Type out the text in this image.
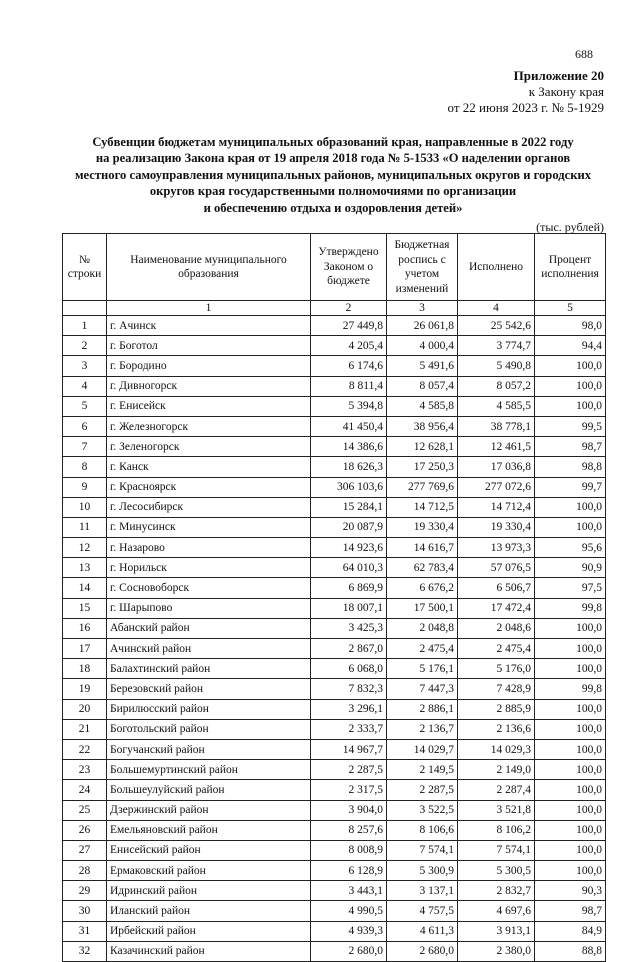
688
Приложение 20
к Закону края
от 22 июня 2023 г. № 5-1929
Субвенции бюджетам муниципальных образований края, направленные в 2022 году
на реализацию Закона края от 19 апреля 2018 года № 5-1533 «О наделении органов
местного самоуправления муниципальных районов, муниципальных округов и городских
округов края государственными полномочиями по организации
и обеспечению отдыха и оздоровления детей»
(тыс. рублей)
№ строки	Наименование муниципального образования	Утверждено Законом о бюджете	Бюджетная роспись с учетом изменений	Исполнено	Процент исполнения
	1	2	3	4	5
1	г. Ачинск	27 449,8	26 061,8	25 542,6	98,0
2	г. Боготол	4 205,4	4 000,4	3 774,7	94,4
3	г. Бородино	6 174,6	5 491,6	5 490,8	100,0
4	г. Дивногорск	8 811,4	8 057,4	8 057,2	100,0
5	г. Енисейск	5 394,8	4 585,8	4 585,5	100,0
6	г. Железногорск	41 450,4	38 956,4	38 778,1	99,5
7	г. Зеленогорск	14 386,6	12 628,1	12 461,5	98,7
8	г. Канск	18 626,3	17 250,3	17 036,8	98,8
9	г. Красноярск	306 103,6	277 769,6	277 072,6	99,7
10	г. Лесосибирск	15 284,1	14 712,5	14 712,4	100,0
11	г. Минусинск	20 087,9	19 330,4	19 330,4	100,0
12	г. Назарово	14 923,6	14 616,7	13 973,3	95,6
13	г. Норильск	64 010,3	62 783,4	57 076,5	90,9
14	г. Сосновоборск	6 869,9	6 676,2	6 506,7	97,5
15	г. Шарыпово	18 007,1	17 500,1	17 472,4	99,8
16	Абанский район	3 425,3	2 048,8	2 048,6	100,0
17	Ачинский район	2 867,0	2 475,4	2 475,4	100,0
18	Балахтинский район	6 068,0	5 176,1	5 176,0	100,0
19	Березовский район	7 832,3	7 447,3	7 428,9	99,8
20	Бирилюсский район	3 296,1	2 886,1	2 885,9	100,0
21	Боготольский район	2 333,7	2 136,7	2 136,6	100,0
22	Богучанский район	14 967,7	14 029,7	14 029,3	100,0
23	Большемуртинский район	2 287,5	2 149,5	2 149,0	100,0
24	Большеулуйский район	2 317,5	2 287,5	2 287,4	100,0
25	Дзержинский район	3 904,0	3 522,5	3 521,8	100,0
26	Емельяновский район	8 257,6	8 106,6	8 106,2	100,0
27	Енисейский район	8 008,9	7 574,1	7 574,1	100,0
28	Ермаковский район	6 128,9	5 300,9	5 300,5	100,0
29	Идринский район	3 443,1	3 137,1	2 832,7	90,3
30	Иланский район	4 990,5	4 757,5	4 697,6	98,7
31	Ирбейский район	4 939,3	4 611,3	3 913,1	84,9
32	Казачинский район	2 680,0	2 680,0	2 380,0	88,8
